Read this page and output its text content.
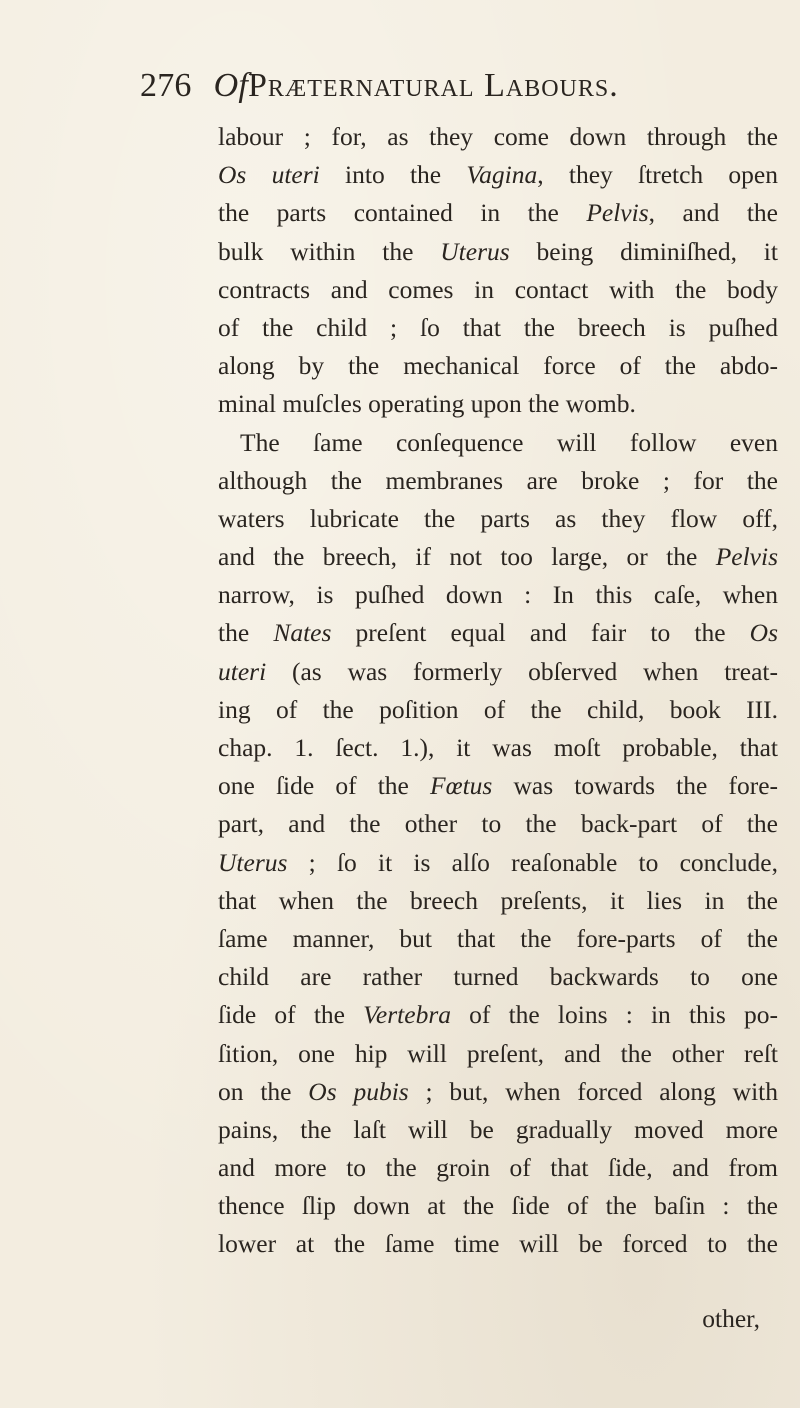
276 OfPræternatural Labours.
labour ; for, as they come down through the
Os uteri into the Vagina, they ſtretch open
the parts contained in the Pelvis, and the
bulk within the Uterus being diminiſhed, it
contracts and comes in contact with the body
of the child ; ſo that the breech is puſhed
along by the mechanical force of the abdo-
minal muſcles operating upon the womb.
The ſame conſequence will follow even
although the membranes are broke ; for the
waters lubricate the parts as they flow off,
and the breech, if not too large, or the Pelvis
narrow, is puſhed down : In this caſe, when
the Nates preſent equal and fair to the Os
uteri (as was formerly obſerved when treat-
ing of the poſition of the child, book III.
chap. 1. ſect. 1.), it was moſt probable, that
one ſide of the Fœtus was towards the fore-
part, and the other to the back-part of the
Uterus ; ſo it is alſo reaſonable to conclude,
that when the breech preſents, it lies in the
ſame manner, but that the fore-parts of the
child are rather turned backwards to one
ſide of the Vertebra of the loins : in this po-
ſition, one hip will preſent, and the other reſt
on the Os pubis ; but, when forced along with
pains, the laſt will be gradually moved more
and more to the groin of that ſide, and from
thence ſlip down at the ſide of the baſin : the
lower at the ſame time will be forced to the
other,
